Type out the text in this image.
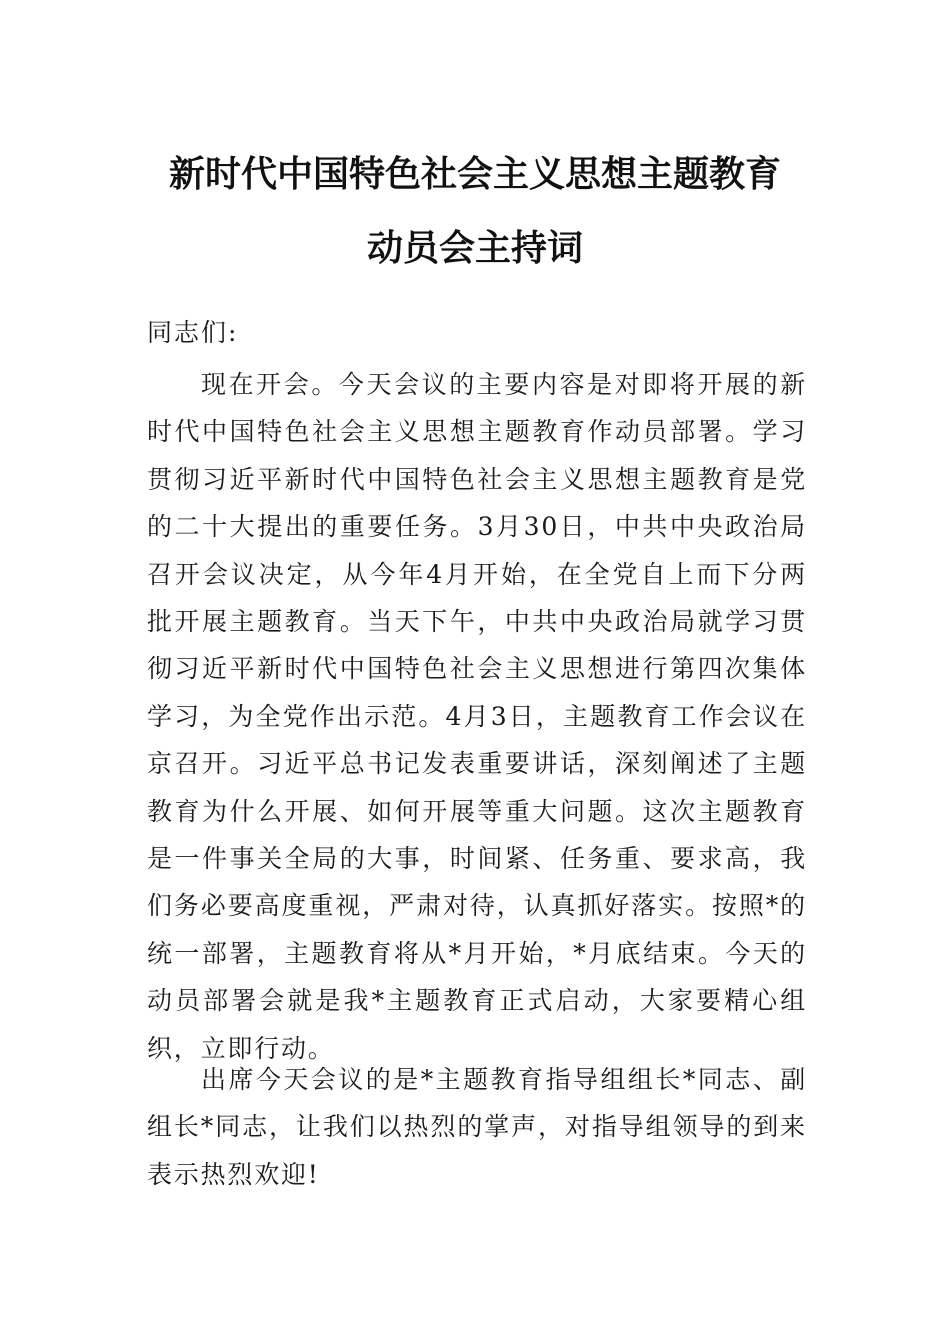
新时代中国特色社会主义思想主题教育
动员会主持词
同志们:

现在开会。今天会议的主要内容是对即将开展的新时代中国特色社会主义思想主题教育作动员部署。学习贯彻习近平新时代中国特色社会主义思想主题教育是党的二十大提出的重要任务。3月30日，中共中央政治局召开会议决定，从今年4月开始，在全党自上而下分两批开展主题教育。当天下午，中共中央政治局就学习贯彻习近平新时代中国特色社会主义思想进行第四次集体学习，为全党作出示范。4月3日，主题教育工作会议在京召开。习近平总书记发表重要讲话，深刻阐述了主题教育为什么开展、如何开展等重大问题。这次主题教育是一件事关全局的大事，时间紧、任务重、要求高，我们务必要高度重视，严肃对待，认真抓好落实。按照*的统一部署，主题教育将从*月开始，*月底结束。今天的动员部署会就是我*主题教育正式启动，大家要精心组织，立即行动。

出席今天会议的是*主题教育指导组组长*同志、副组长*同志，让我们以热烈的掌声，对指导组领导的到来表示热烈欢迎!
